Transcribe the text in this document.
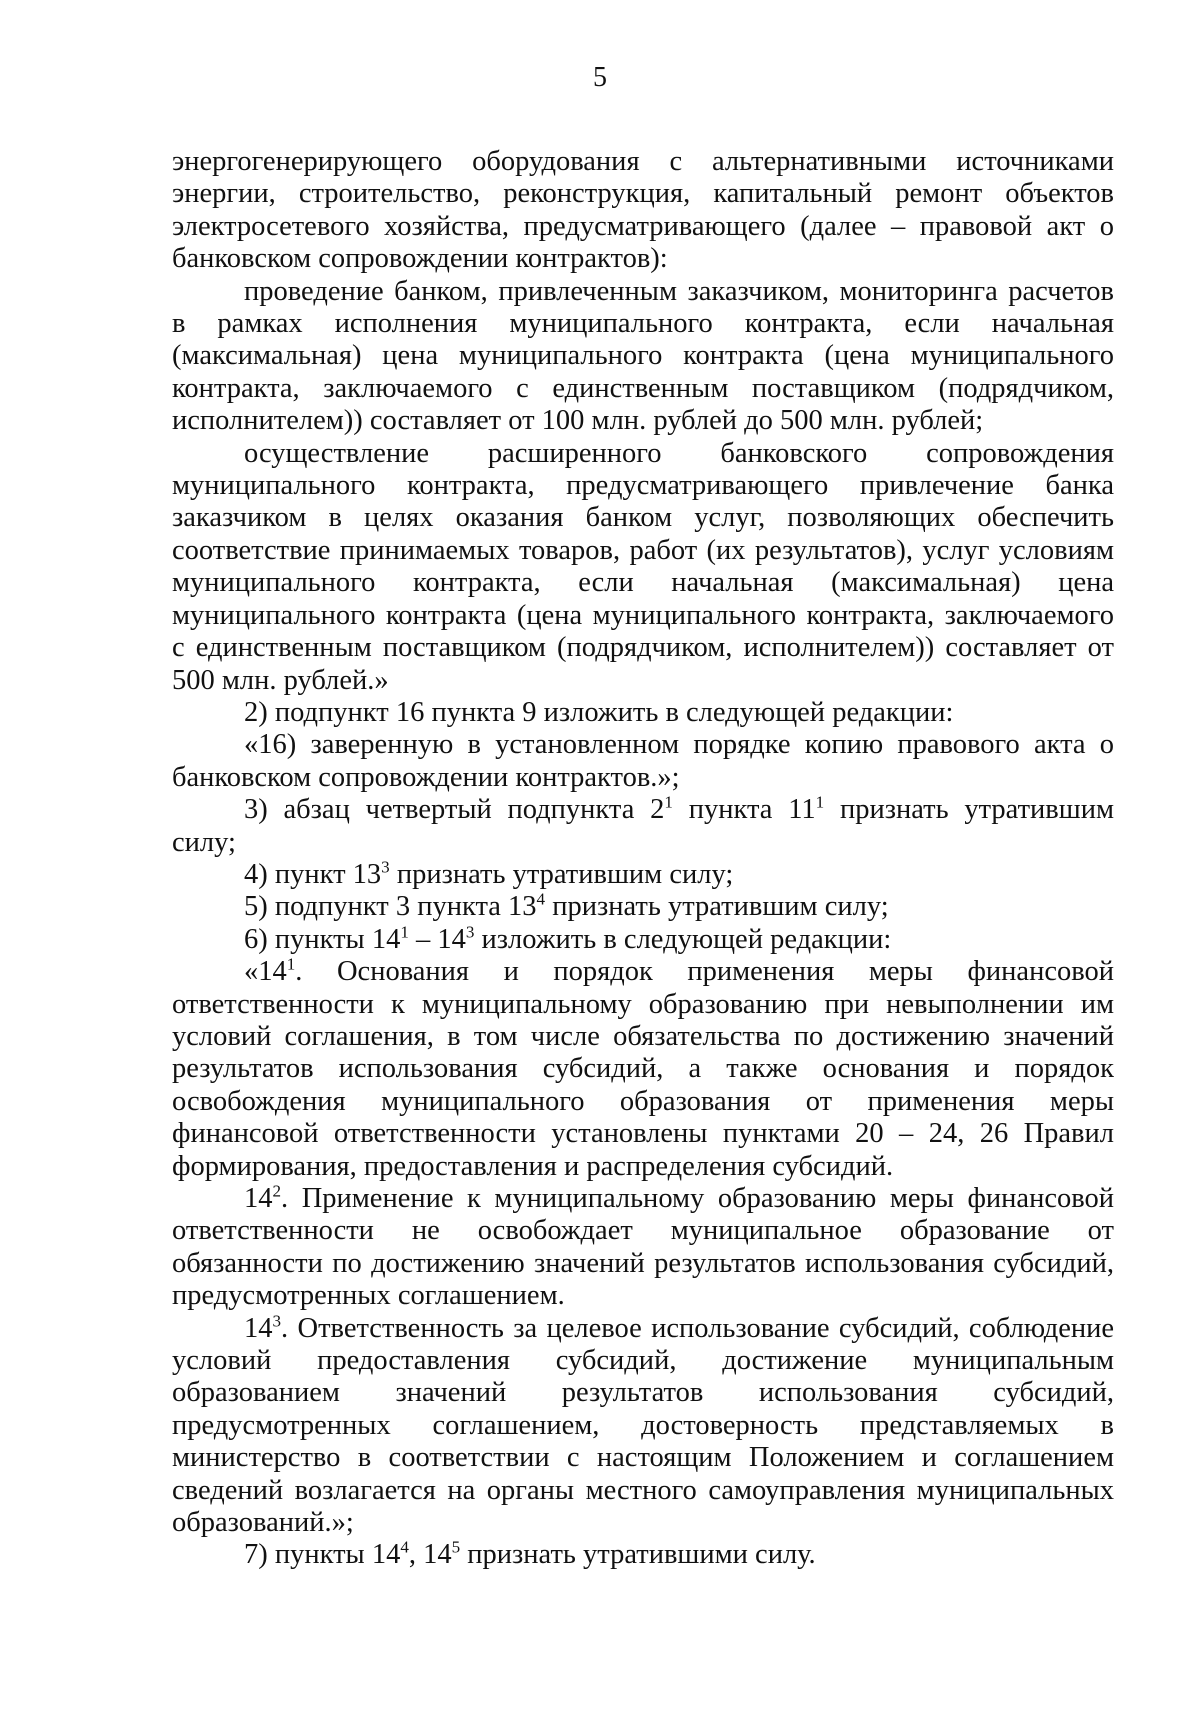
5

энергогенерирующего оборудования с альтернативными источниками энергии, строительство, реконструкция, капитальный ремонт объектов электросетевого хозяйства, предусматривающего (далее – правовой акт о банковском сопровождении контрактов):

проведение банком, привлеченным заказчиком, мониторинга расчетов в рамках исполнения муниципального контракта, если начальная (максимальная) цена муниципального контракта (цена муниципального контракта, заключаемого с единственным поставщиком (подрядчиком, исполнителем)) составляет от 100 млн. рублей до 500 млн. рублей;

осуществление расширенного банковского сопровождения муниципального контракта, предусматривающего привлечение банка заказчиком в целях оказания банком услуг, позволяющих обеспечить соответствие принимаемых товаров, работ (их результатов), услуг условиям муниципального контракта, если начальная (максимальная) цена муниципального контракта (цена муниципального контракта, заключаемого с единственным поставщиком (подрядчиком, исполнителем)) составляет от 500 млн. рублей.»

2) подпункт 16 пункта 9 изложить в следующей редакции:

«16) заверенную в установленном порядке копию правового акта о банковском сопровождении контрактов.»;

3) абзац четвертый подпункта $2^1$ пункта $11^1$ признать утратившим силу;

4) пункт $13^3$ признать утратившим силу;

5) подпункт 3 пункта $13^4$ признать утратившим силу;

6) пункты $14^1 - 14^3$ изложить в следующей редакции:

«$14^1$. Основания и порядок применения меры финансовой ответственности к муниципальному образованию при невыполнении им условий соглашения, в том числе обязательства по достижению значений результатов использования субсидий, а также основания и порядок освобождения муниципального образования от применения меры финансовой ответственности установлены пунктами 20 – 24, 26 Правил формирования, предоставления и распределения субсидий.

$14^2$. Применение к муниципальному образованию меры финансовой ответственности не освобождает муниципальное образование от обязанности по достижению значений результатов использования субсидий, предусмотренных соглашением.

$14^3$. Ответственность за целевое использование субсидий, соблюдение условий предоставления субсидий, достижение муниципальным образованием значений результатов использования субсидий, предусмотренных соглашением, достоверность представляемых в министерство в соответствии с настоящим Положением и соглашением сведений возлагается на органы местного самоуправления муниципальных образований.»;

7) пункты $14^4$, $14^5$ признать утратившими силу.
